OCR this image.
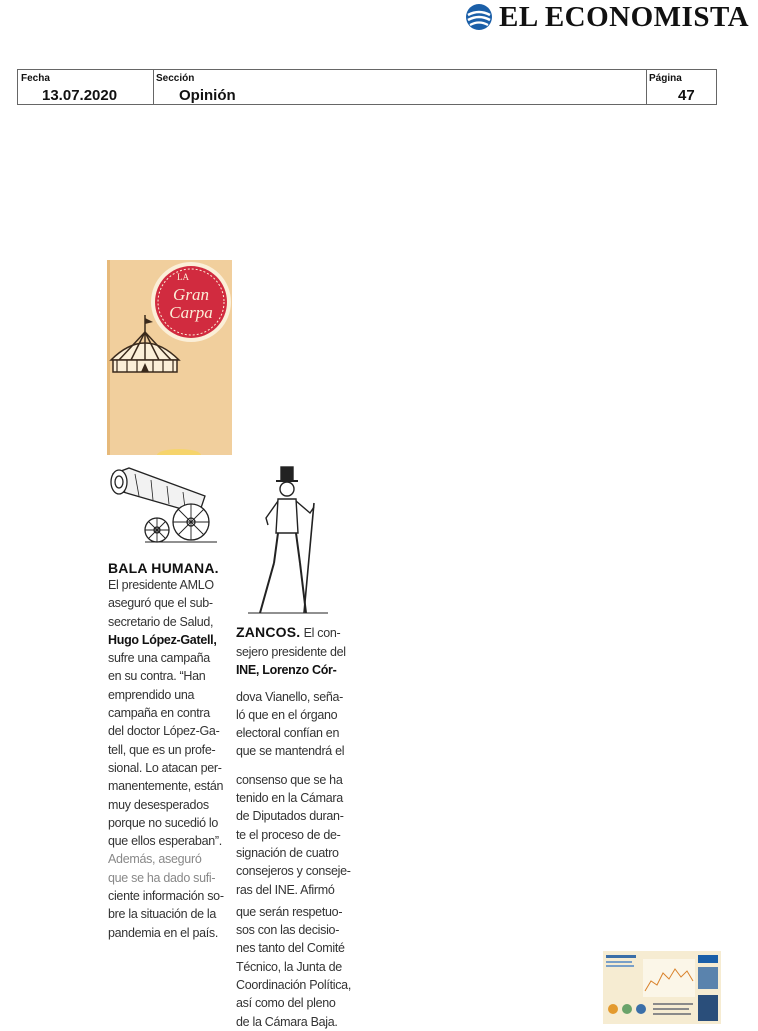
EL ECONOMISTA
Fecha
13.07.2020
Sección
Opinión
Página
47
LA
Gran
Carpa
BALA HUMANA.
El presidente AMLO
aseguró que el sub-
secretario de Salud,
Hugo López-Gatell,
sufre una campaña
en su contra. “Han
emprendido una
campaña en contra
del doctor López-Ga-
tell, que es un profe-
sional. Lo atacan per-
manentemente, están
muy desesperados
porque no sucedió lo
que ellos esperaban”.
Además, aseguró
que se ha dado sufi-
ciente información so-
bre la situación de la
pandemia en el país.
ZANCOS. El con-
sejero presidente del
INE, Lorenzo Cór-
dova Vianello, seña-
ló que en el órgano
electoral confían en
que se mantendrá el
consenso que se ha
tenido en la Cámara
de Diputados duran-
te el proceso de de-
signación de cuatro
consejeros y conseje-
ras del INE. Afirmó
que serán respetuo-
sos con las decisio-
nes tanto del Comité
Técnico, la Junta de
Coordinación Política,
así como del pleno
de la Cámara Baja.
